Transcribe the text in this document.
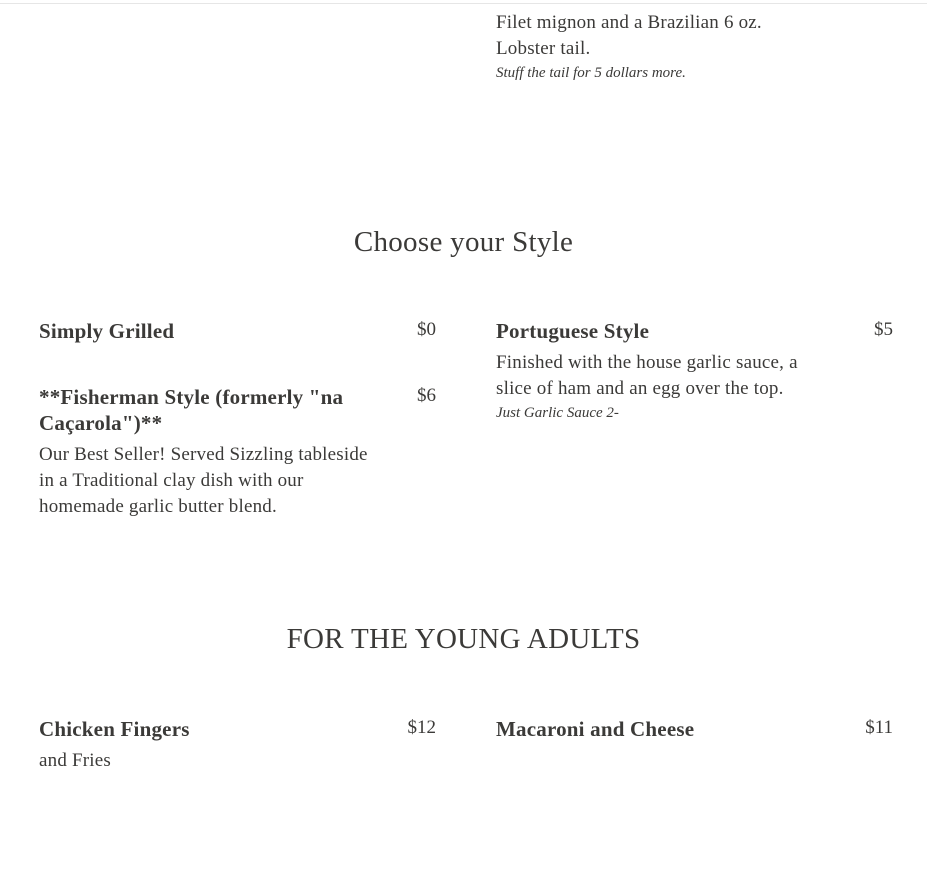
Filet mignon and a Brazilian 6 oz. Lobster tail.

Stuff the tail for 5 dollars more.

Choose your Style

Simply Grilled	$0	Portuguese Style	$5

Finished with the house garlic sauce, a slice of ham and an egg over the top.

Just Garlic Sauce 2-

**Fisherman Style (formerly "na Caçarola")**

$6

Our Best Seller! Served Sizzling tableside in a Traditional clay dish with our homemade garlic butter blend.

FOR THE YOUNG ADULTS

Chicken Fingers	$12

and Fries

Macaroni and Cheese	$11
